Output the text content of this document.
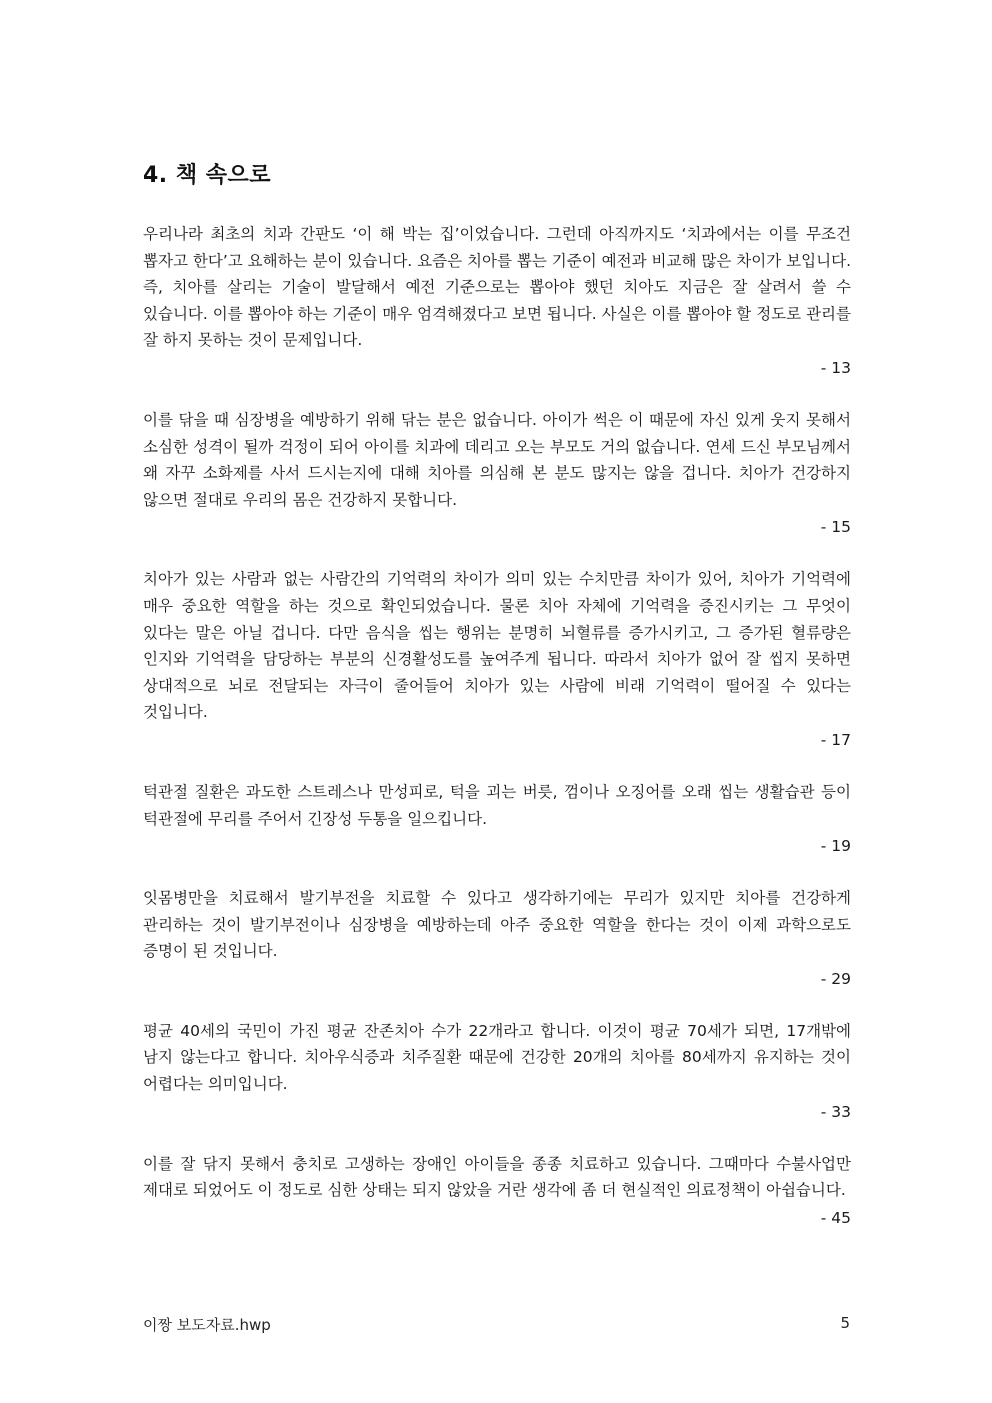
4. 책 속으로

우리나라 최초의 치과 간판도 ‘이 해 박는 집’이었습니다. 그런데 아직까지도 ‘치과에서는 이를 무조건 뽑자고 한다’고 요해하는 분이 있습니다. 요즘은 치아를 뽑는 기준이 예전과 비교해 많은 차이가 보입니다. 즉, 치아를 살리는 기술이 발달해서 예전 기준으로는 뽑아야 했던 치아도 지금은 잘 살려서 쓸 수 있습니다. 이를 뽑아야 하는 기준이 매우 엄격해졌다고 보면 됩니다. 사실은 이를 뽑아야 할 정도로 관리를 잘 하지 못하는 것이 문제입니다.

- 13

이를 닦을 때 심장병을 예방하기 위해 닦는 분은 없습니다. 아이가 썩은 이 때문에 자신 있게 웃지 못해서 소심한 성격이 될까 걱정이 되어 아이를 치과에 데리고 오는 부모도 거의 없습니다. 연세 드신 부모님께서 왜 자꾸 소화제를 사서 드시는지에 대해 치아를 의심해 본 분도 많지는 않을 겁니다. 치아가 건강하지 않으면 절대로 우리의 몸은 건강하지 못합니다.

- 15

치아가 있는 사람과 없는 사람간의 기억력의 차이가 의미 있는 수치만큼 차이가 있어, 치아가 기억력에 매우 중요한 역할을 하는 것으로 확인되었습니다. 물론 치아 자체에 기억력을 증진시키는 그 무엇이 있다는 말은 아닐 겁니다. 다만 음식을 씹는 행위는 분명히 뇌혈류를 증가시키고, 그 증가된 혈류량은 인지와 기억력을 담당하는 부분의 신경활성도를 높여주게 됩니다. 따라서 치아가 없어 잘 씹지 못하면 상대적으로 뇌로 전달되는 자극이 줄어들어 치아가 있는 사람에 비래 기억력이 떨어질 수 있다는 것입니다.

- 17

턱관절 질환은 과도한 스트레스나 만성피로, 턱을 괴는 버릇, 껌이나 오징어를 오래 씹는 생활습관 등이 턱관절에 무리를 주어서 긴장성 두통을 일으킵니다.

- 19

잇몸병만을 치료해서 발기부전을 치료할 수 있다고 생각하기에는 무리가 있지만 치아를 건강하게 관리하는 것이 발기부전이나 심장병을 예방하는데 아주 중요한 역할을 한다는 것이 이제 과학으로도 증명이 된 것입니다.

- 29

평균 40세의 국민이 가진 평균 잔존치아 수가 22개라고 합니다. 이것이 평균 70세가 되면, 17개밖에 남지 않는다고 합니다. 치아우식증과 치주질환 때문에 건강한 20개의 치아를 80세까지 유지하는 것이 어렵다는 의미입니다.

- 33

이를 잘 닦지 못해서 충치로 고생하는 장애인 아이들을 종종 치료하고 있습니다. 그때마다 수불사업만 제대로 되었어도 이 정도로 심한 상태는 되지 않았을 거란 생각에 좀 더 현실적인 의료정책이 아쉽습니다.

- 45

이짱 보도자료.hwp	5
